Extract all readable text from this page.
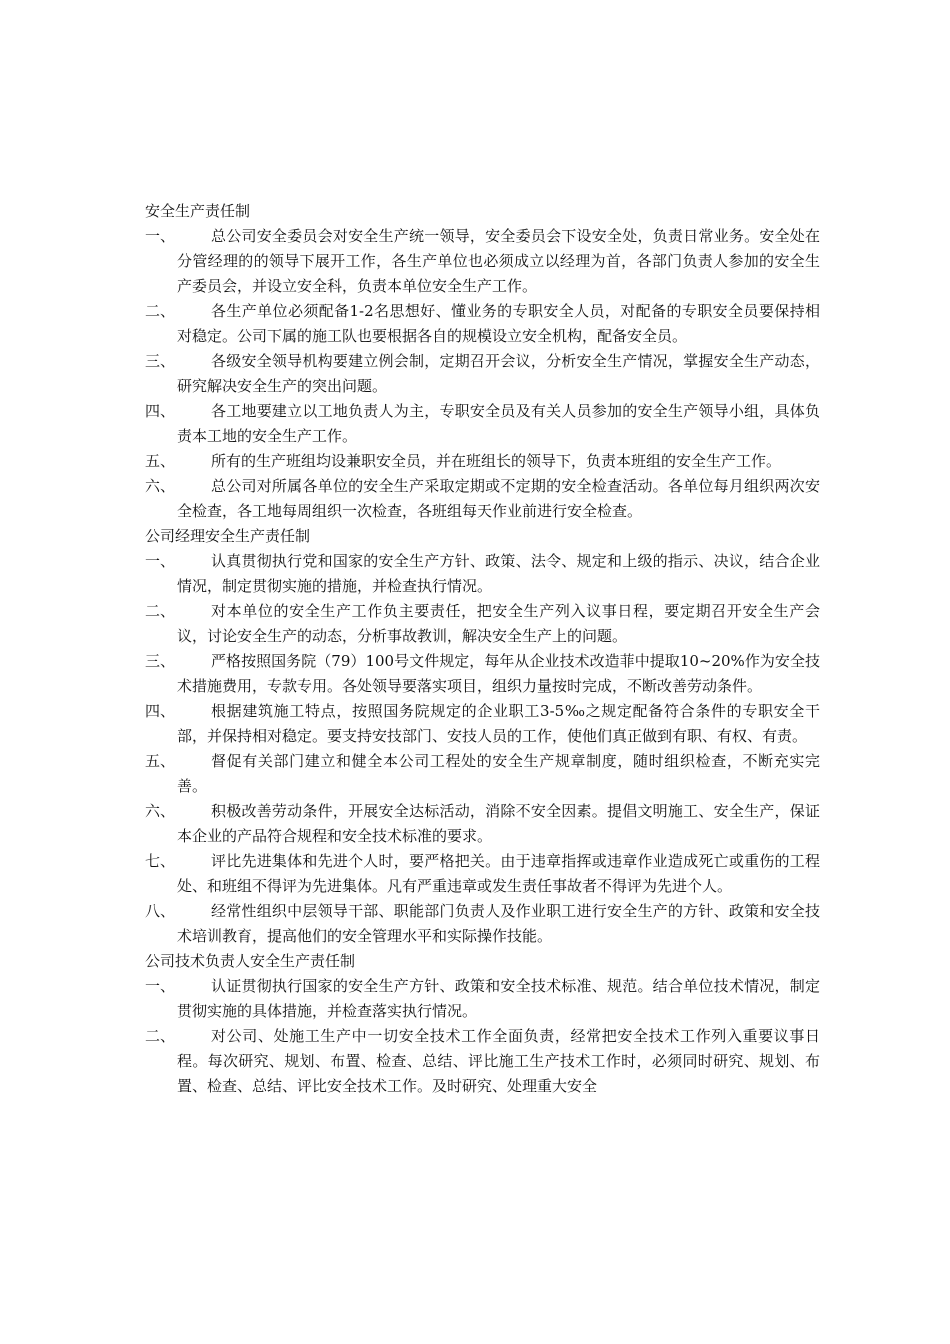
安全生产责任制
一、	总公司安全委员会对安全生产统一领导，安全委员会下设安全处，负责日常业务。安全处在分管经理的的领导下展开工作，各生产单位也必须成立以经理为首，各部门负责人参加的安全生产委员会，并设立安全科，负责本单位安全生产工作。
二、	各生产单位必须配备1-2名思想好、懂业务的专职安全人员，对配备的专职安全员要保持相对稳定。公司下属的施工队也要根据各自的规模设立安全机构，配备安全员。
三、	各级安全领导机构要建立例会制，定期召开会议，分析安全生产情况，掌握安全生产动态，研究解决安全生产的突出问题。
四、	各工地要建立以工地负责人为主，专职安全员及有关人员参加的安全生产领导小组，具体负责本工地的安全生产工作。
五、	所有的生产班组均设兼职安全员，并在班组长的领导下，负责本班组的安全生产工作。
六、	总公司对所属各单位的安全生产采取定期或不定期的安全检查活动。各单位每月组织两次安全检查，各工地每周组织一次检查，各班组每天作业前进行安全检查。
公司经理安全生产责任制
一、	认真贯彻执行党和国家的安全生产方针、政策、法令、规定和上级的指示、决议，结合企业情况，制定贯彻实施的措施，并检查执行情况。
二、	对本单位的安全生产工作负主要责任，把安全生产列入议事日程，要定期召开安全生产会议，讨论安全生产的动态，分析事故教训，解决安全生产上的问题。
三、	严格按照国务院（79）100号文件规定，每年从企业技术改造菲中提取10~20%作为安全技术措施费用，专款专用。各处领导要落实项目，组织力量按时完成，不断改善劳动条件。
四、	根据建筑施工特点，按照国务院规定的企业职工3-5‰之规定配备符合条件的专职安全干部，并保持相对稳定。要支持安技部门、安技人员的工作，使他们真正做到有职、有权、有责。
五、	督促有关部门建立和健全本公司工程处的安全生产规章制度，随时组织检查，不断充实完善。
六、	积极改善劳动条件，开展安全达标活动，消除不安全因素。提倡文明施工、安全生产，保证本企业的产品符合规程和安全技术标准的要求。
七、	评比先进集体和先进个人时，要严格把关。由于违章指挥或违章作业造成死亡或重伤的工程处、和班组不得评为先进集体。凡有严重违章或发生责任事故者不得评为先进个人。
八、	经常性组织中层领导干部、职能部门负责人及作业职工进行安全生产的方针、政策和安全技术培训教育，提高他们的安全管理水平和实际操作技能。
公司技术负责人安全生产责任制
一、	认证贯彻执行国家的安全生产方针、政策和安全技术标准、规范。结合单位技术情况，制定贯彻实施的具体措施，并检查落实执行情况。
二、	对公司、处施工生产中一切安全技术工作全面负责，经常把安全技术工作列入重要议事日程。每次研究、规划、布置、检查、总结、评比施工生产技术工作时，必须同时研究、规划、布置、检查、总结、评比安全技术工作。及时研究、处理重大安全
